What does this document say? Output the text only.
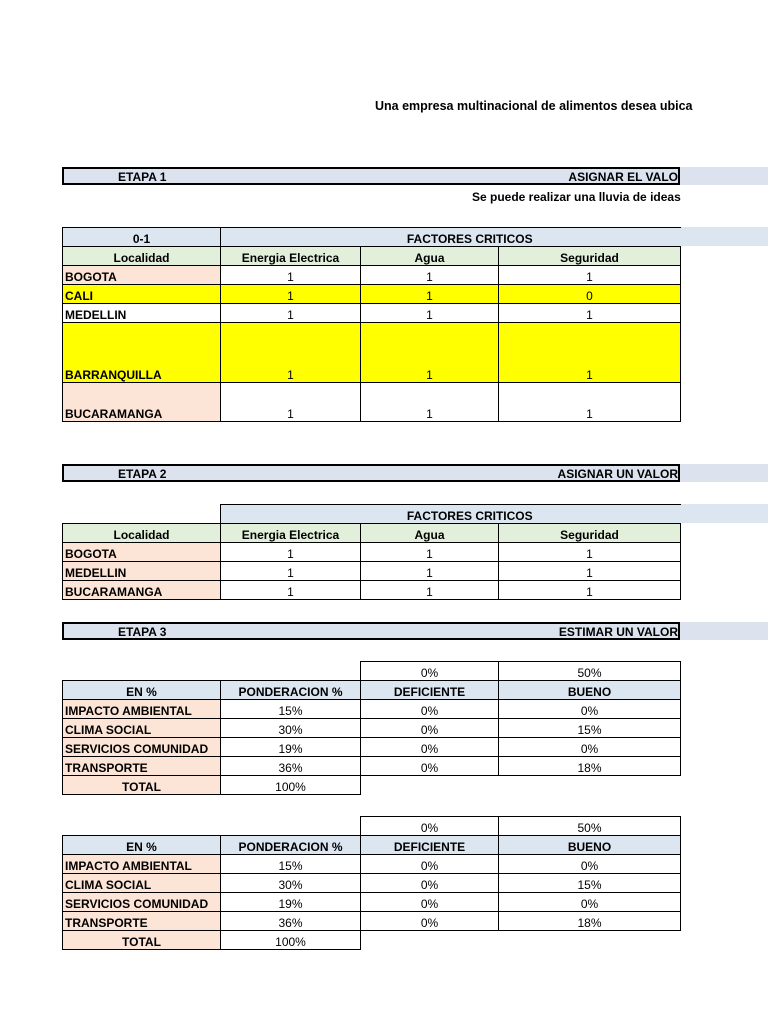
Una empresa multinacional de alimentos desea ubica
ETAPA 1	ASIGNAR EL VALO
Se puede realizar una lluvia de ideas
0-1	FACTORES CRITICOS		
Localidad	Energia Electrica	Agua	Seguridad
BOGOTA	1	1	1
CALI	1	1	0
MEDELLIN	1	1	1
BARRANQUILLA	1	1	1
BUCARAMANGA	1	1	1
ETAPA 2	ASIGNAR UN VALOR
	FACTORES CRITICOS		
Localidad	Energia Electrica	Agua	Seguridad
BOGOTA	1	1	1
MEDELLIN	1	1	1
BUCARAMANGA	1	1	1
ETAPA 3	ESTIMAR UN VALOR
		0%	50%
EN %	PONDERACION %	DEFICIENTE	BUENO
IMPACTO AMBIENTAL	15%	0%	0%
CLIMA SOCIAL	30%	0%	15%
SERVICIOS COMUNIDAD	19%	0%	0%
TRANSPORTE	36%	0%	18%
TOTAL	100%		
		0%	50%
EN %	PONDERACION %	DEFICIENTE	BUENO
IMPACTO AMBIENTAL	15%	0%	0%
CLIMA SOCIAL	30%	0%	15%
SERVICIOS COMUNIDAD	19%	0%	0%
TRANSPORTE	36%	0%	18%
TOTAL	100%		
